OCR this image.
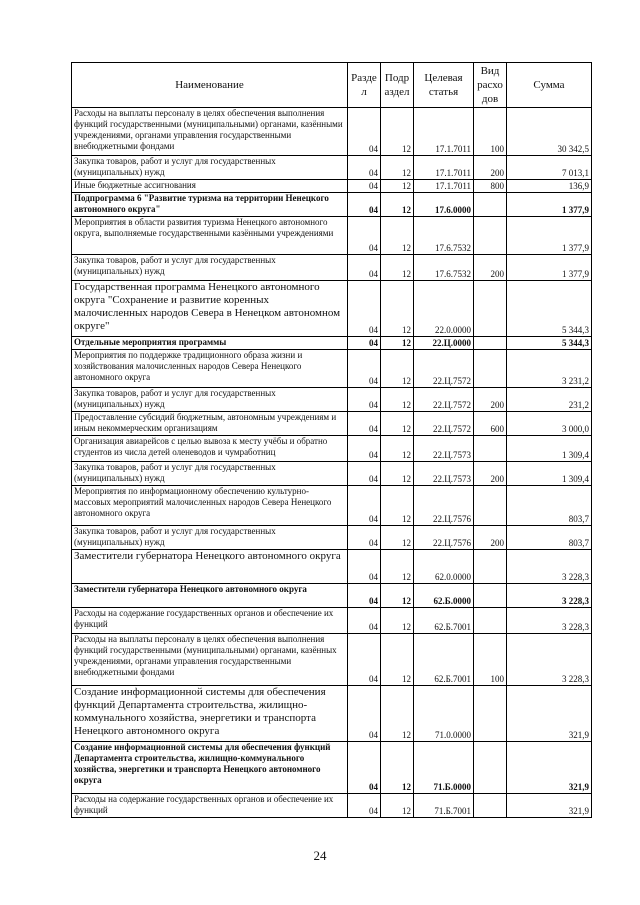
Наименование	Разде л	Подр аздел	Целевая статья	Вид расхо дов	Сумма
Расходы на выплаты персоналу в целях обеспечения выполнения функций государственными (муниципальными) органами, казёнными учреждениями, органами управления государственными внебюджетными фондами	04	12	17.1.7011	100	30 342,5
Закупка товаров, работ и услуг для государственных (муниципальных) нужд	04	12	17.1.7011	200	7 013,1
Иные бюджетные ассигнования	04	12	17.1.7011	800	136,9
Подпрограмма 6 "Развитие туризма на территории Ненецкого автономного округа"	04	12	17.6.0000		1 377,9
Мероприятия в области развития туризма Ненецкого автономного округа, выполняемые государственными казёнными учреждениями	04	12	17.6.7532		1 377,9
Закупка товаров, работ и услуг для государственных (муниципальных) нужд	04	12	17.6.7532	200	1 377,9
Государственная программа Ненецкого автономного округа "Сохранение и развитие коренных малочисленных народов Севера в Ненецком автономном округе"	04	12	22.0.0000		5 344,3
Отдельные мероприятия программы	04	12	22.Ц.0000		5 344,3
Мероприятия по поддержке традиционного образа жизни и хозяйствования малочисленных народов Севера Ненецкого автономного округа	04	12	22.Ц.7572		3 231,2
Закупка товаров, работ и услуг для государственных (муниципальных) нужд	04	12	22.Ц.7572	200	231,2
Предоставление субсидий бюджетным, автономным учреждениям и иным некоммерческим организациям	04	12	22.Ц.7572	600	3 000,0
Организация авиарейсов с целью вывоза к месту учёбы и обратно студентов из числа детей оленеводов и чумработниц	04	12	22.Ц.7573		1 309,4
Закупка товаров, работ и услуг для государственных (муниципальных) нужд	04	12	22.Ц.7573	200	1 309,4
Мероприятия по информационному обеспечению культурно-массовых мероприятий малочисленных народов Севера Ненецкого автономного округа	04	12	22.Ц.7576		803,7
Закупка товаров, работ и услуг для государственных (муниципальных) нужд	04	12	22.Ц.7576	200	803,7
Заместители губернатора Ненецкого автономного округа	04	12	62.0.0000		3 228,3
Заместители губернатора Ненецкого автономного округа	04	12	62.Б.0000		3 228,3
Расходы на содержание государственных органов и обеспечение их функций	04	12	62.Б.7001		3 228,3
Расходы на выплаты персоналу в целях обеспечения выполнения функций государственными (муниципальными) органами, казённых учреждениями, органами управления государственными внебюджетными фондами	04	12	62.Б.7001	100	3 228,3
Создание информационной системы для обеспечения функций Департамента строительства, жилищно-коммунального хозяйства, энергетики и транспорта Ненецкого автономного округа	04	12	71.0.0000		321,9
Создание информационной системы для обеспечения функций Департамента строительства, жилищно-коммунального хозяйства, энергетики и транспорта Ненецкого автономного округа	04	12	71.Б.0000		321,9
Расходы на содержание государственных органов и обеспечение их функций	04	12	71.Б.7001		321,9
24
